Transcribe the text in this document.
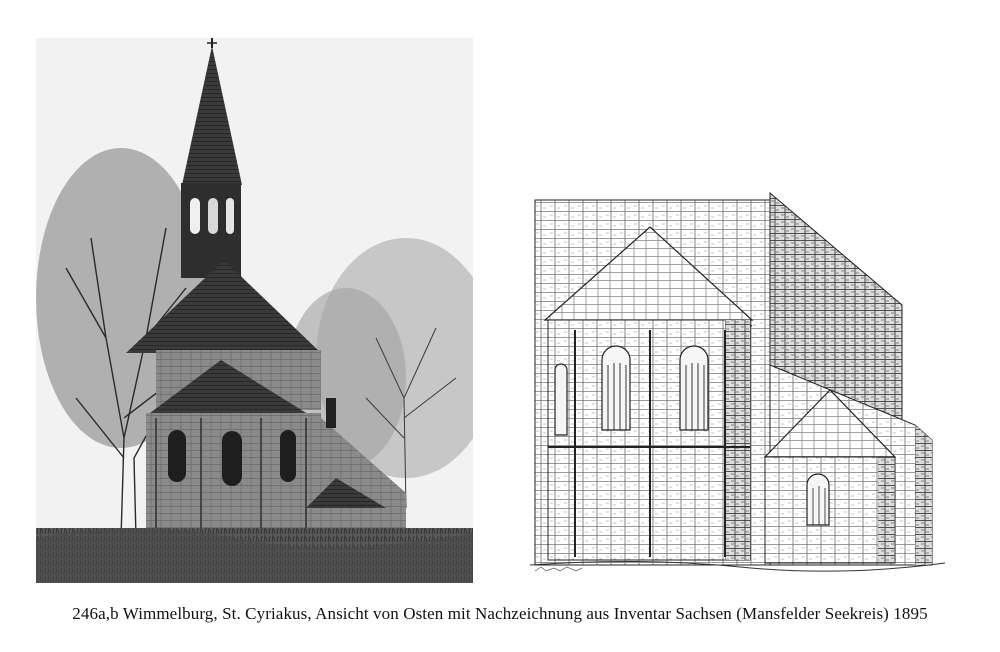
246a,b Wimmelburg, St. Cyriakus, Ansicht von Osten mit Nachzeichnung aus Inventar Sachsen (Mansfelder Seekreis) 1895
